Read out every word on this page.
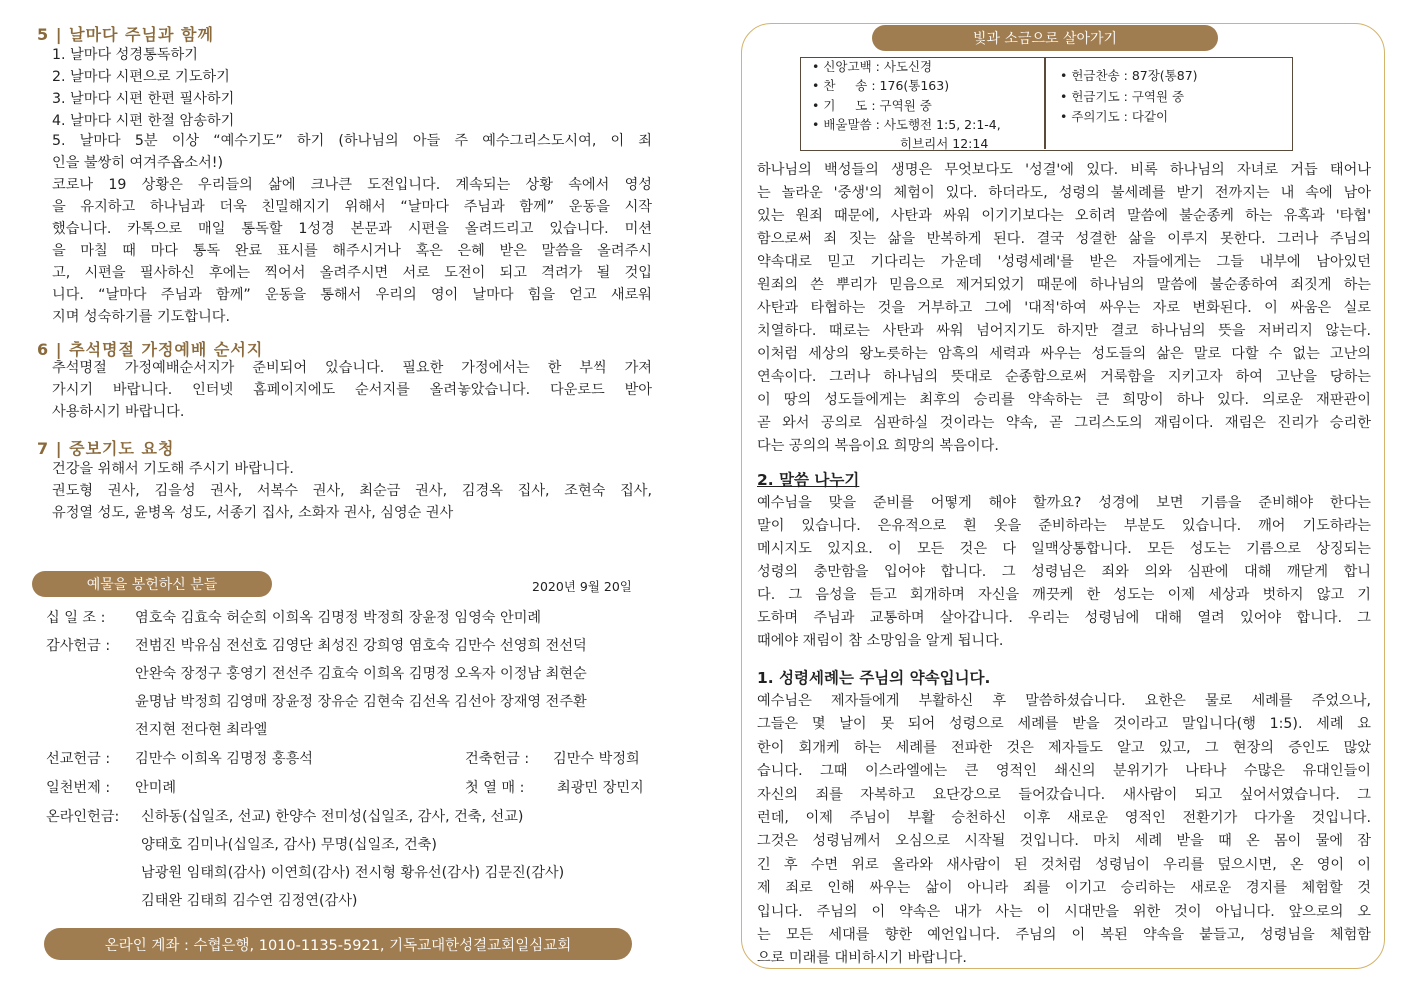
5 | 날마다 주님과 함께
1. 날마다 성경통독하기
2. 날마다 시편으로 기도하기
3. 날마다 시편 한편 필사하기
4. 날마다 시편 한절 암송하기
5. 날마다 5분 이상 “예수기도” 하기 (하나님의 아들 주 예수그리스도시여, 이 죄
인을 불쌍히 여겨주옵소서!)
코로나 19 상황은 우리들의 삶에 크나큰 도전입니다. 계속되는 상황 속에서 영성
을 유지하고 하나님과 더욱 친밀해지기 위해서 “날마다 주님과 함께” 운동을 시작
했습니다. 카톡으로 매일 통독할 1성경 본문과 시편을 올려드리고 있습니다. 미션
을 마칠 때 마다 통독 완료 표시를 해주시거나 혹은 은혜 받은 말씀을 올려주시
고, 시편을 필사하신 후에는 찍어서 올려주시면 서로 도전이 되고 격려가 될 것입
니다. “날마다 주님과 함께” 운동을 통해서 우리의 영이 날마다 힘을 얻고 새로워
지며 성숙하기를 기도합니다.
6 | 추석명절 가정예배 순서지
추석명절 가정예배순서지가 준비되어 있습니다. 필요한 가정에서는 한 부씩 가져
가시기 바랍니다. 인터넷 홈페이지에도 순서지를 올려놓았습니다. 다운로드 받아
사용하시기 바랍니다.
7 | 중보기도 요청
건강을 위해서 기도해 주시기 바랍니다.
권도형 권사, 김을성 권사, 서복수 권사, 최순금 권사, 김경옥 집사, 조현숙 집사,
유정열 성도, 윤병옥 성도, 서종기 집사, 소화자 권사, 심영순 권사
예물을 봉헌하신 분들	2020년 9월 20일
십 일 조 : 염호숙 김효숙 허순희 이희옥 김명정 박정희 장윤정 임영숙 안미례
감사헌금 : 전범진 박유심 전선호 김영단 최성진 강희영 염호숙 김만수 선영희 전선덕
안완숙 장정구 홍영기 전선주 김효숙 이희옥 김명정 오옥자 이정남 최현순
윤명남 박정희 김영매 장윤정 장유순 김현숙 김선옥 김선아 장재영 전주환
전지현 전다현 최라엘
선교헌금 : 김만수 이희옥 김명정 홍흥석	건축헌금 : 김만수 박정희
일천번제 : 안미례	첫 열 매 : 최광민 장민지
온라인헌금: 신하동(십일조, 선교) 한양수 전미성(십일조, 감사, 건축, 선교)
양태호 김미나(십일조, 감사) 무명(십일조, 건축)
남광원 임태희(감사) 이연희(감사) 전시형 황유선(감사) 김문진(감사)
김태완 김태희 김수연 김정연(감사)
온라인 계좌 : 수협은행, 1010-1135-5921, 기독교대한성결교회일심교회
빛과 소금으로 살아가기
• 신앙고백 : 사도신경
• 찬     송 : 176(통163)
• 기     도 : 구역원 중
• 배울말씀 : 사도행전 1:5, 2:1-4,
히브리서 12:14
• 헌금찬송 : 87장(통87)
• 헌금기도 : 구역원 중
• 주의기도 : 다같이
하나님의 백성들의 생명은 무엇보다도 '성결'에 있다. 비록 하나님의 자녀로 거듭 태어나
는 놀라운 '중생'의 체험이 있다. 하더라도, 성령의 불세례를 받기 전까지는 내 속에 남아
있는 원죄 때문에, 사탄과 싸워 이기기보다는 오히려 말씀에 불순종케 하는 유혹과 '타협'
함으로써 죄 짓는 삶을 반복하게 된다. 결국 성결한 삶을 이루지 못한다. 그러나 주님의
약속대로 믿고 기다리는 가운데 '성령세례'를 받은 자들에게는 그들 내부에 남아있던
원죄의 쓴 뿌리가 믿음으로 제거되었기 때문에 하나님의 말씀에 불순종하여 죄짓게 하는
사탄과 타협하는 것을 거부하고 그에 '대적'하여 싸우는 자로 변화된다. 이 싸움은 실로
치열하다. 때로는 사탄과 싸워 넘어지기도 하지만 결코 하나님의 뜻을 저버리지 않는다.
이처럼 세상의 왕노릇하는 암흑의 세력과 싸우는 성도들의 삶은 말로 다할 수 없는 고난의
연속이다. 그러나 하나님의 뜻대로 순종함으로써 거룩함을 지키고자 하여 고난을 당하는
이 땅의 성도들에게는 최후의 승리를 약속하는 큰 희망이 하나 있다. 의로운 재판관이
곧 와서 공의로 심판하실 것이라는 약속, 곧 그리스도의 재림이다. 재림은 진리가 승리한
다는 공의의 복음이요 희망의 복음이다.
2. 말씀 나누기
예수님을 맞을 준비를 어떻게 해야 할까요? 성경에 보면 기름을 준비해야 한다는
말이 있습니다. 은유적으로 흰 옷을 준비하라는 부분도 있습니다. 깨어 기도하라는
메시지도 있지요. 이 모든 것은 다 일맥상통합니다. 모든 성도는 기름으로 상징되는
성령의 충만함을 입어야 합니다. 그 성령님은 죄와 의와 심판에 대해 깨닫게 합니
다. 그 음성을 듣고 회개하며 자신을 깨끗케 한 성도는 이제 세상과 벗하지 않고 기
도하며 주님과 교통하며 살아갑니다. 우리는 성령님에 대해 열려 있어야 합니다. 그
때에야 재림이 참 소망임을 알게 됩니다.
1. 성령세례는 주님의 약속입니다.
예수님은 제자들에게 부활하신 후 말씀하셨습니다. 요한은 물로 세례를 주었으나,
그들은 몇 날이 못 되어 성령으로 세례를 받을 것이라고 말입니다(행 1:5). 세례 요
한이 회개케 하는 세례를 전파한 것은 제자들도 알고 있고, 그 현장의 증인도 많았
습니다. 그때 이스라엘에는 큰 영적인 쇄신의 분위기가 나타나 수많은 유대인들이
자신의 죄를 자복하고 요단강으로 들어갔습니다. 새사람이 되고 싶어서였습니다. 그
런데, 이제 주님이 부활 승천하신 이후 새로운 영적인 전환기가 다가올 것입니다.
그것은 성령님께서 오심으로 시작될 것입니다. 마치 세례 받을 때 온 몸이 물에 잠
긴 후 수면 위로 올라와 새사람이 된 것처럼 성령님이 우리를 덮으시면, 온 영이 이
제 죄로 인해 싸우는 삶이 아니라 죄를 이기고 승리하는 새로운 경지를 체험할 것
입니다. 주님의 이 약속은 내가 사는 이 시대만을 위한 것이 아닙니다. 앞으로의 오
는 모든 세대를 향한 예언입니다. 주님의 이 복된 약속을 붙들고, 성령님을 체험함
으로 미래를 대비하시기 바랍니다.
